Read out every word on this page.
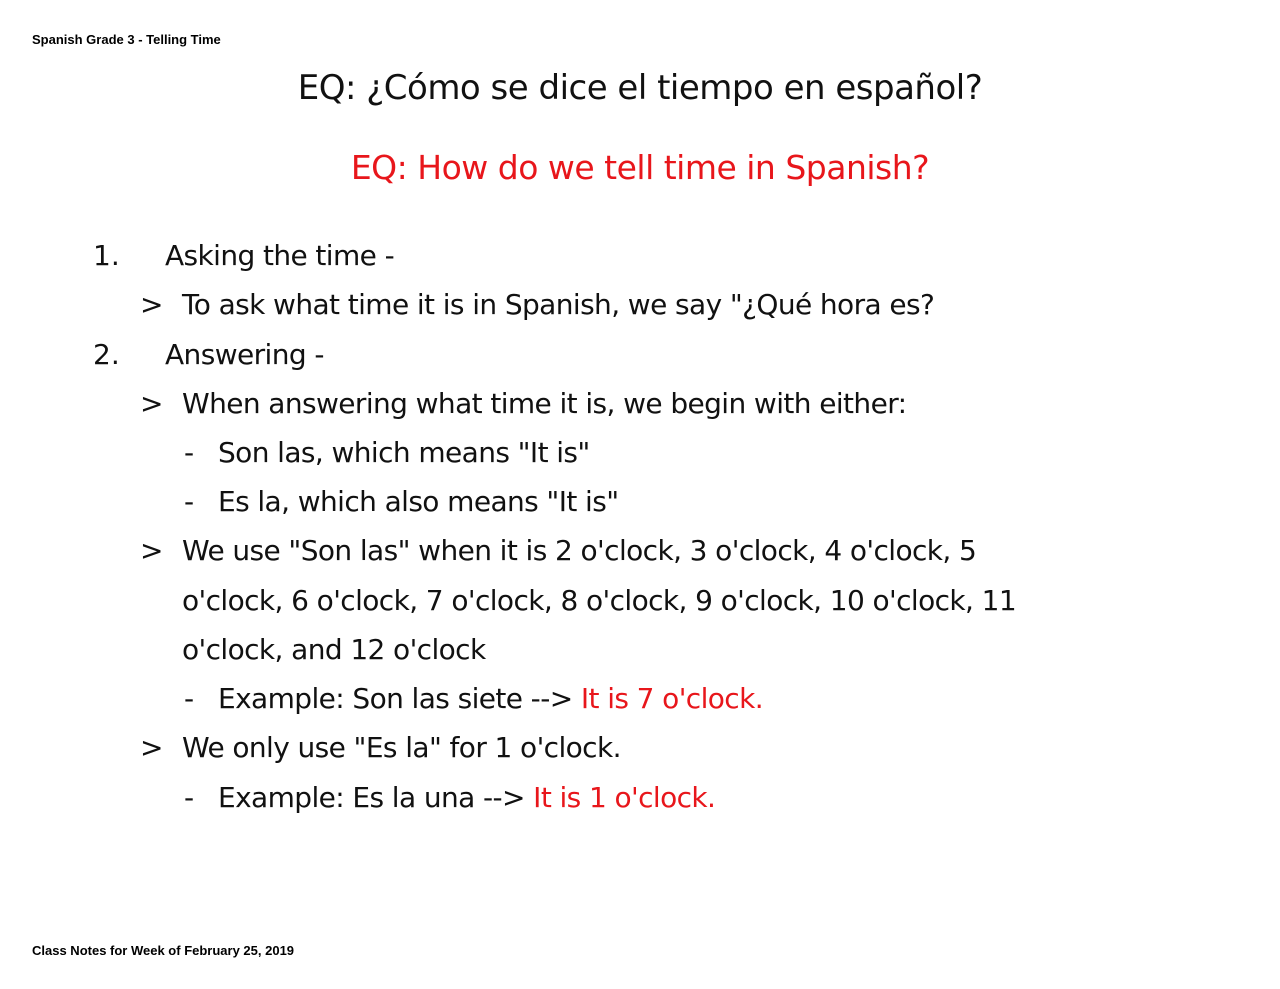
Spanish Grade 3 - Telling Time
EQ: ¿Cómo se dice el tiempo en español?
EQ: How do we tell time in Spanish?
1. Asking the time -
> To ask what time it is in Spanish, we say "¿Qué hora es?
2. Answering -
> When answering what time it is, we begin with either:
- Son las, which means "It is"
- Es la, which also means "It is"
> We use "Son las" when it is 2 o'clock, 3 o'clock, 4 o'clock, 5
o'clock, 6 o'clock, 7 o'clock, 8 o'clock, 9 o'clock, 10 o'clock, 11
o'clock, and 12 o'clock
- Example: Son las siete --> It is 7 o'clock.
> We only use "Es la" for 1 o'clock.
- Example: Es la una --> It is 1 o'clock.
Class Notes for Week of February 25, 2019
